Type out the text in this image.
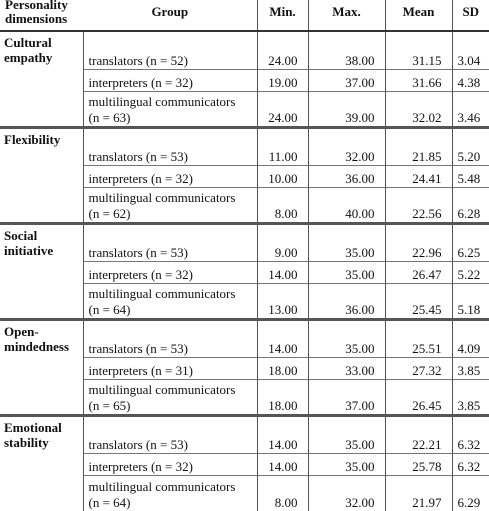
Personality
dimensions	Group	Min.	Max.	Mean	SD
Cultural
empathy	translators (n = 52)	24.00	38.00	31.15	3.04
	interpreters (n = 32)	19.00	37.00	31.66	4.38
	multilingual communicators
(n = 63)	24.00	39.00	32.02	3.46
Flexibility	translators (n = 53)	11.00	32.00	21.85	5.20
	interpreters (n = 32)	10.00	36.00	24.41	5.48
	multilingual communicators
(n = 62)	8.00	40.00	22.56	6.28
Social
initiative	translators (n = 53)	9.00	35.00	22.96	6.25
	interpreters (n = 32)	14.00	35.00	26.47	5.22
	multilingual communicators
(n = 64)	13.00	36.00	25.45	5.18
Open-
mindedness	translators (n = 53)	14.00	35.00	25.51	4.09
	interpreters (n = 31)	18.00	33.00	27.32	3.85
	multilingual communicators
(n = 65)	18.00	37.00	26.45	3.85
Emotional
stability	translators (n = 53)	14.00	35.00	22.21	6.32
	interpreters (n = 32)	14.00	35.00	25.78	6.32
	multilingual communicators
(n = 64)	8.00	32.00	21.97	6.29
